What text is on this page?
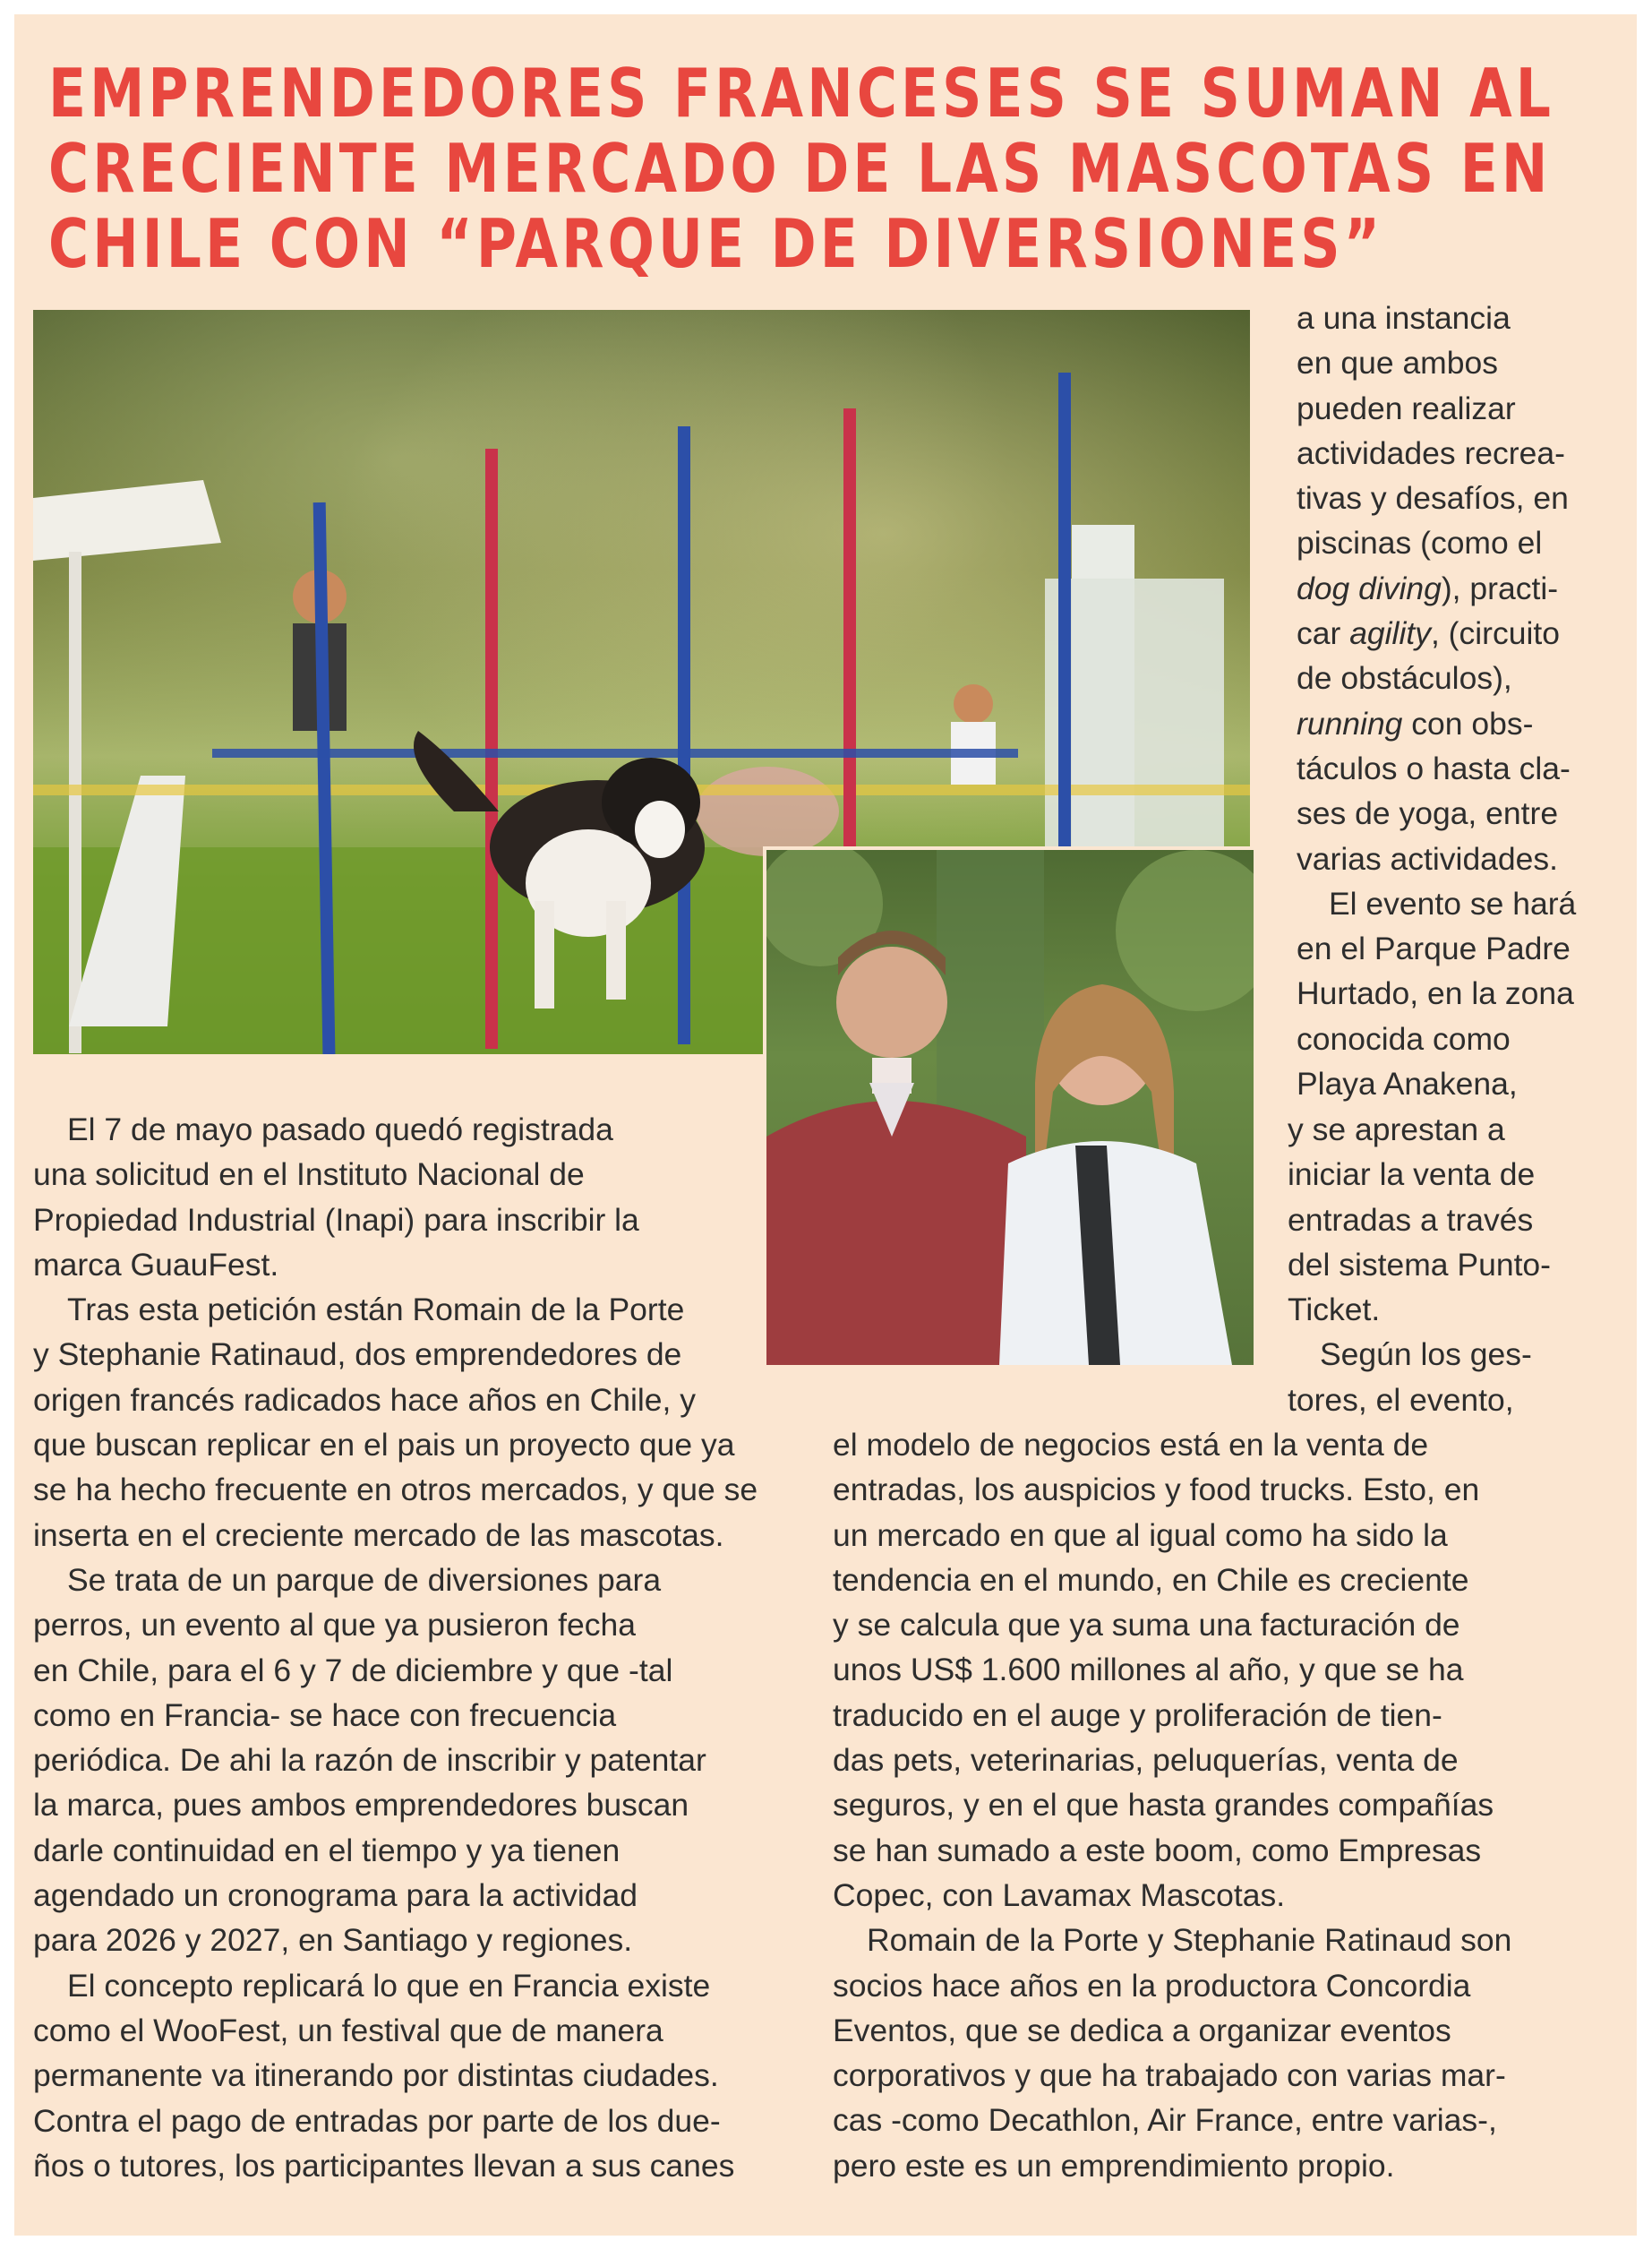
EMPRENDEDORES FRANCESES SE SUMAN AL
CRECIENTE MERCADO DE LAS MASCOTAS EN
CHILE CON “PARQUE DE DIVERSIONES”

a una instancia

en que ambos

pueden realizar

actividades recrea-

tivas y desafíos, en

piscinas (como el

dog diving), practi-

car agility, (circuito

de obstáculos),

running con obs-

táculos o hasta cla-

ses de yoga, entre

varias actividades.

El evento se hará

en el Parque Padre

Hurtado, en la zona

conocida como

Playa Anakena,

y se aprestan a

iniciar la venta de

entradas a través

del sistema Punto-

Ticket.

Según los ges-

tores, el evento,

El 7 de mayo pasado quedó registrada

una solicitud en el Instituto Nacional de

Propiedad Industrial (Inapi) para inscribir la

marca GuauFest.

Tras esta petición están Romain de la Porte

y Stephanie Ratinaud, dos emprendedores de

origen francés radicados hace años en Chile, y

que buscan replicar en el pais un proyecto que ya

se ha hecho frecuente en otros mercados, y que se

inserta en el creciente mercado de las mascotas.

Se trata de un parque de diversiones para

perros, un evento al que ya pusieron fecha

en Chile, para el 6 y 7 de diciembre y que -tal

como en Francia- se hace con frecuencia

periódica. De ahi la razón de inscribir y patentar

la marca, pues ambos emprendedores buscan

darle continuidad en el tiempo y ya tienen

agendado un cronograma para la actividad

para 2026 y 2027, en Santiago y regiones.

El concepto replicará lo que en Francia existe

como el WooFest, un festival que de manera

permanente va itinerando por distintas ciudades.

Contra el pago de entradas por parte de los due-

ños o tutores, los participantes llevan a sus canes

el modelo de negocios está en la venta de

entradas, los auspicios y food trucks. Esto, en

un mercado en que al igual como ha sido la

tendencia en el mundo, en Chile es creciente

y se calcula que ya suma una facturación de

unos US$ 1.600 millones al año, y que se ha

traducido en el auge y proliferación de tien-

das pets, veterinarias, peluquerías, venta de

seguros, y en el que hasta grandes compañías

se han sumado a este boom, como Empresas

Copec, con Lavamax Mascotas.

Romain de la Porte y Stephanie Ratinaud son

socios hace años en la productora Concordia

Eventos, que se dedica a organizar eventos

corporativos y que ha trabajado con varias mar-

cas -como Decathlon, Air France, entre varias-,

pero este es un emprendimiento propio.
